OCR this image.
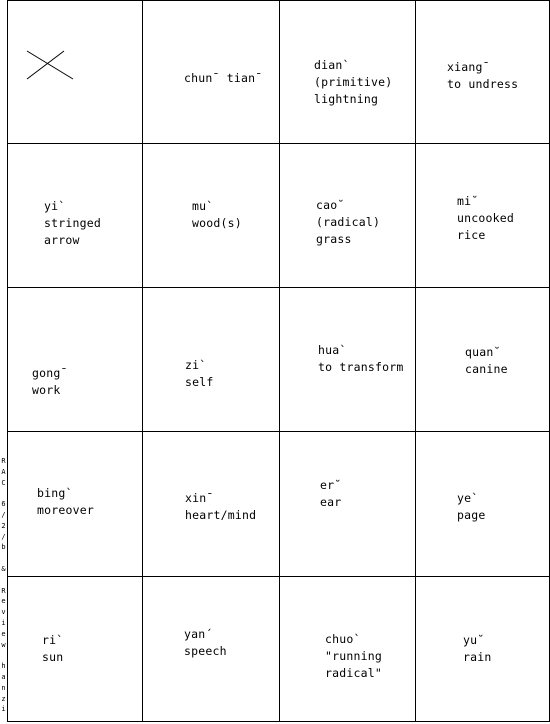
R
A
C

6
/
2
/
b

&

R
e
v
i
e
w

h
a
n
z
i
chun¯ tian¯
dian`
(primitive)
lightning
xiang¯
to undress
yi`
stringed
arrow
mu`
wood(s)
cao˘
(radical)
grass
mi˘
uncooked
rice
gong¯
work
zi`
self
hua`
to transform
quan˘
canine
bing`
moreover
xin¯
heart/mind
er˘
ear	ye`
page
ri`
sun
yan´
speech
chuo`
"running
radical"
yu˘
rain
